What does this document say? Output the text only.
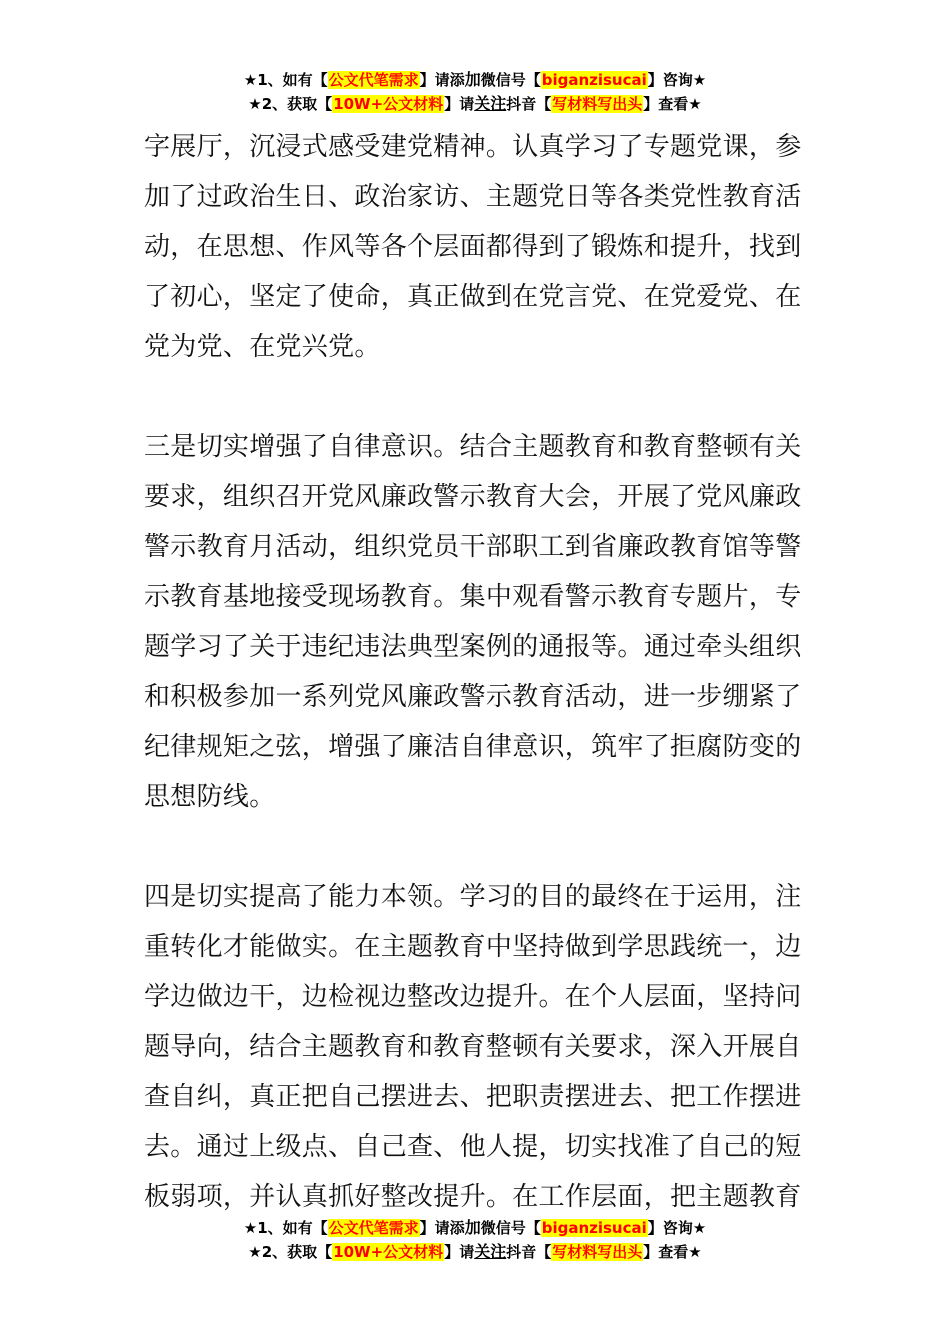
★1、如有【公文代笔需求】请添加微信号【biganzisucai】咨询★
★2、获取【10W+公文材料】请关注抖音【写材料写出头】查看★

字展厅，沉浸式感受建党精神。认真学习了专题党课，参

加了过政治生日、政治家访、主题党日等各类党性教育活

动，在思想、作风等各个层面都得到了锻炼和提升，找到

了初心，坚定了使命，真正做到在党言党、在党爱党、在

党为党、在党兴党。

三是切实增强了自律意识。结合主题教育和教育整顿有关

要求，组织召开党风廉政警示教育大会，开展了党风廉政

警示教育月活动，组织党员干部职工到省廉政教育馆等警

示教育基地接受现场教育。集中观看警示教育专题片，专

题学习了关于违纪违法典型案例的通报等。通过牵头组织

和积极参加一系列党风廉政警示教育活动，进一步绷紧了

纪律规矩之弦，增强了廉洁自律意识，筑牢了拒腐防变的

思想防线。

四是切实提高了能力本领。学习的目的最终在于运用，注

重转化才能做实。在主题教育中坚持做到学思践统一，边

学边做边干，边检视边整改边提升。在个人层面，坚持问

题导向，结合主题教育和教育整顿有关要求，深入开展自

查自纠，真正把自己摆进去、把职责摆进去、把工作摆进

去。通过上级点、自己查、他人提，切实找准了自己的短

板弱项，并认真抓好整改提升。在工作层面，把主题教育

★1、如有【公文代笔需求】请添加微信号【biganzisucai】咨询★
★2、获取【10W+公文材料】请关注抖音【写材料写出头】查看★
